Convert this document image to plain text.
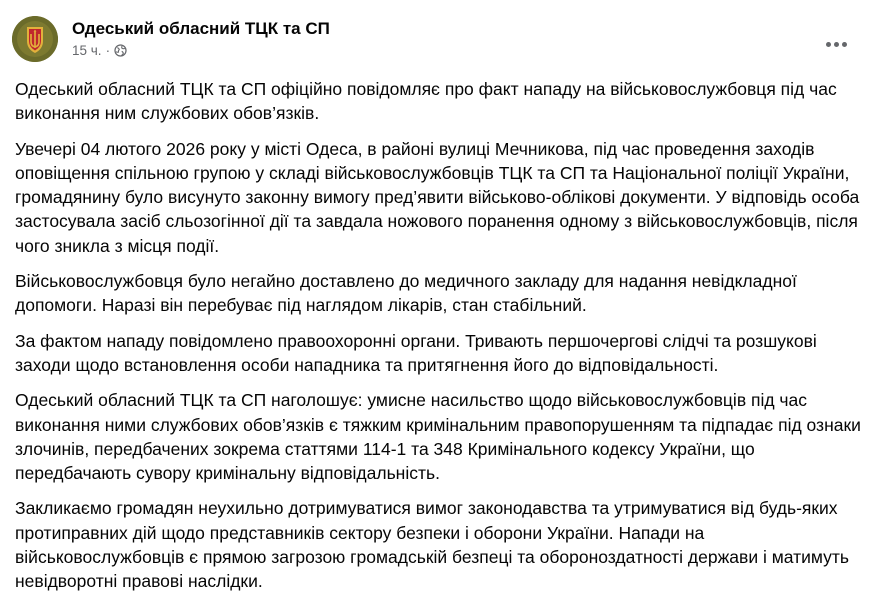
Одеський обласний ТЦК та СП
15 ч. ·

Одеський обласний ТЦК та СП офіційно повідомляє про факт нападу на військовослужбовця під час виконання ним службових обов’язків.

Увечері 04 лютого 2026 року у місті Одеса, в районі вулиці Мечникова, під час проведення заходів оповіщення спільною групою у складі військовослужбовців ТЦК та СП та Національної поліції України, громадянину було висунуто законну вимогу пред’явити військово-облікові документи. У відповідь особа застосувала засіб сльозогінної дії та завдала ножового поранення одному з військовослужбовців, після чого зникла з місця події.

Військовослужбовця було негайно доставлено до медичного закладу для надання невідкладної допомоги. Наразі він перебуває під наглядом лікарів, стан стабільний.

За фактом нападу повідомлено правоохоронні органи. Тривають першочергові слідчі та розшукові заходи щодо встановлення особи нападника та притягнення його до відповідальності.

Одеський обласний ТЦК та СП наголошує: умисне насильство щодо військовослужбовців під час виконання ними службових обов’язків є тяжким кримінальним правопорушенням та підпадає під ознаки злочинів, передбачених зокрема статтями 114-1 та 348 Кримінального кодексу України, що передбачають сувору кримінальну відповідальність.

Закликаємо громадян неухильно дотримуватися вимог законодавства та утримуватися від будь-яких протиправних дій щодо представників сектору безпеки і оборони України. Напади на військовослужбовців є прямою загрозою громадській безпеці та обороноздатності держави і матимуть невідворотні правові наслідки.
